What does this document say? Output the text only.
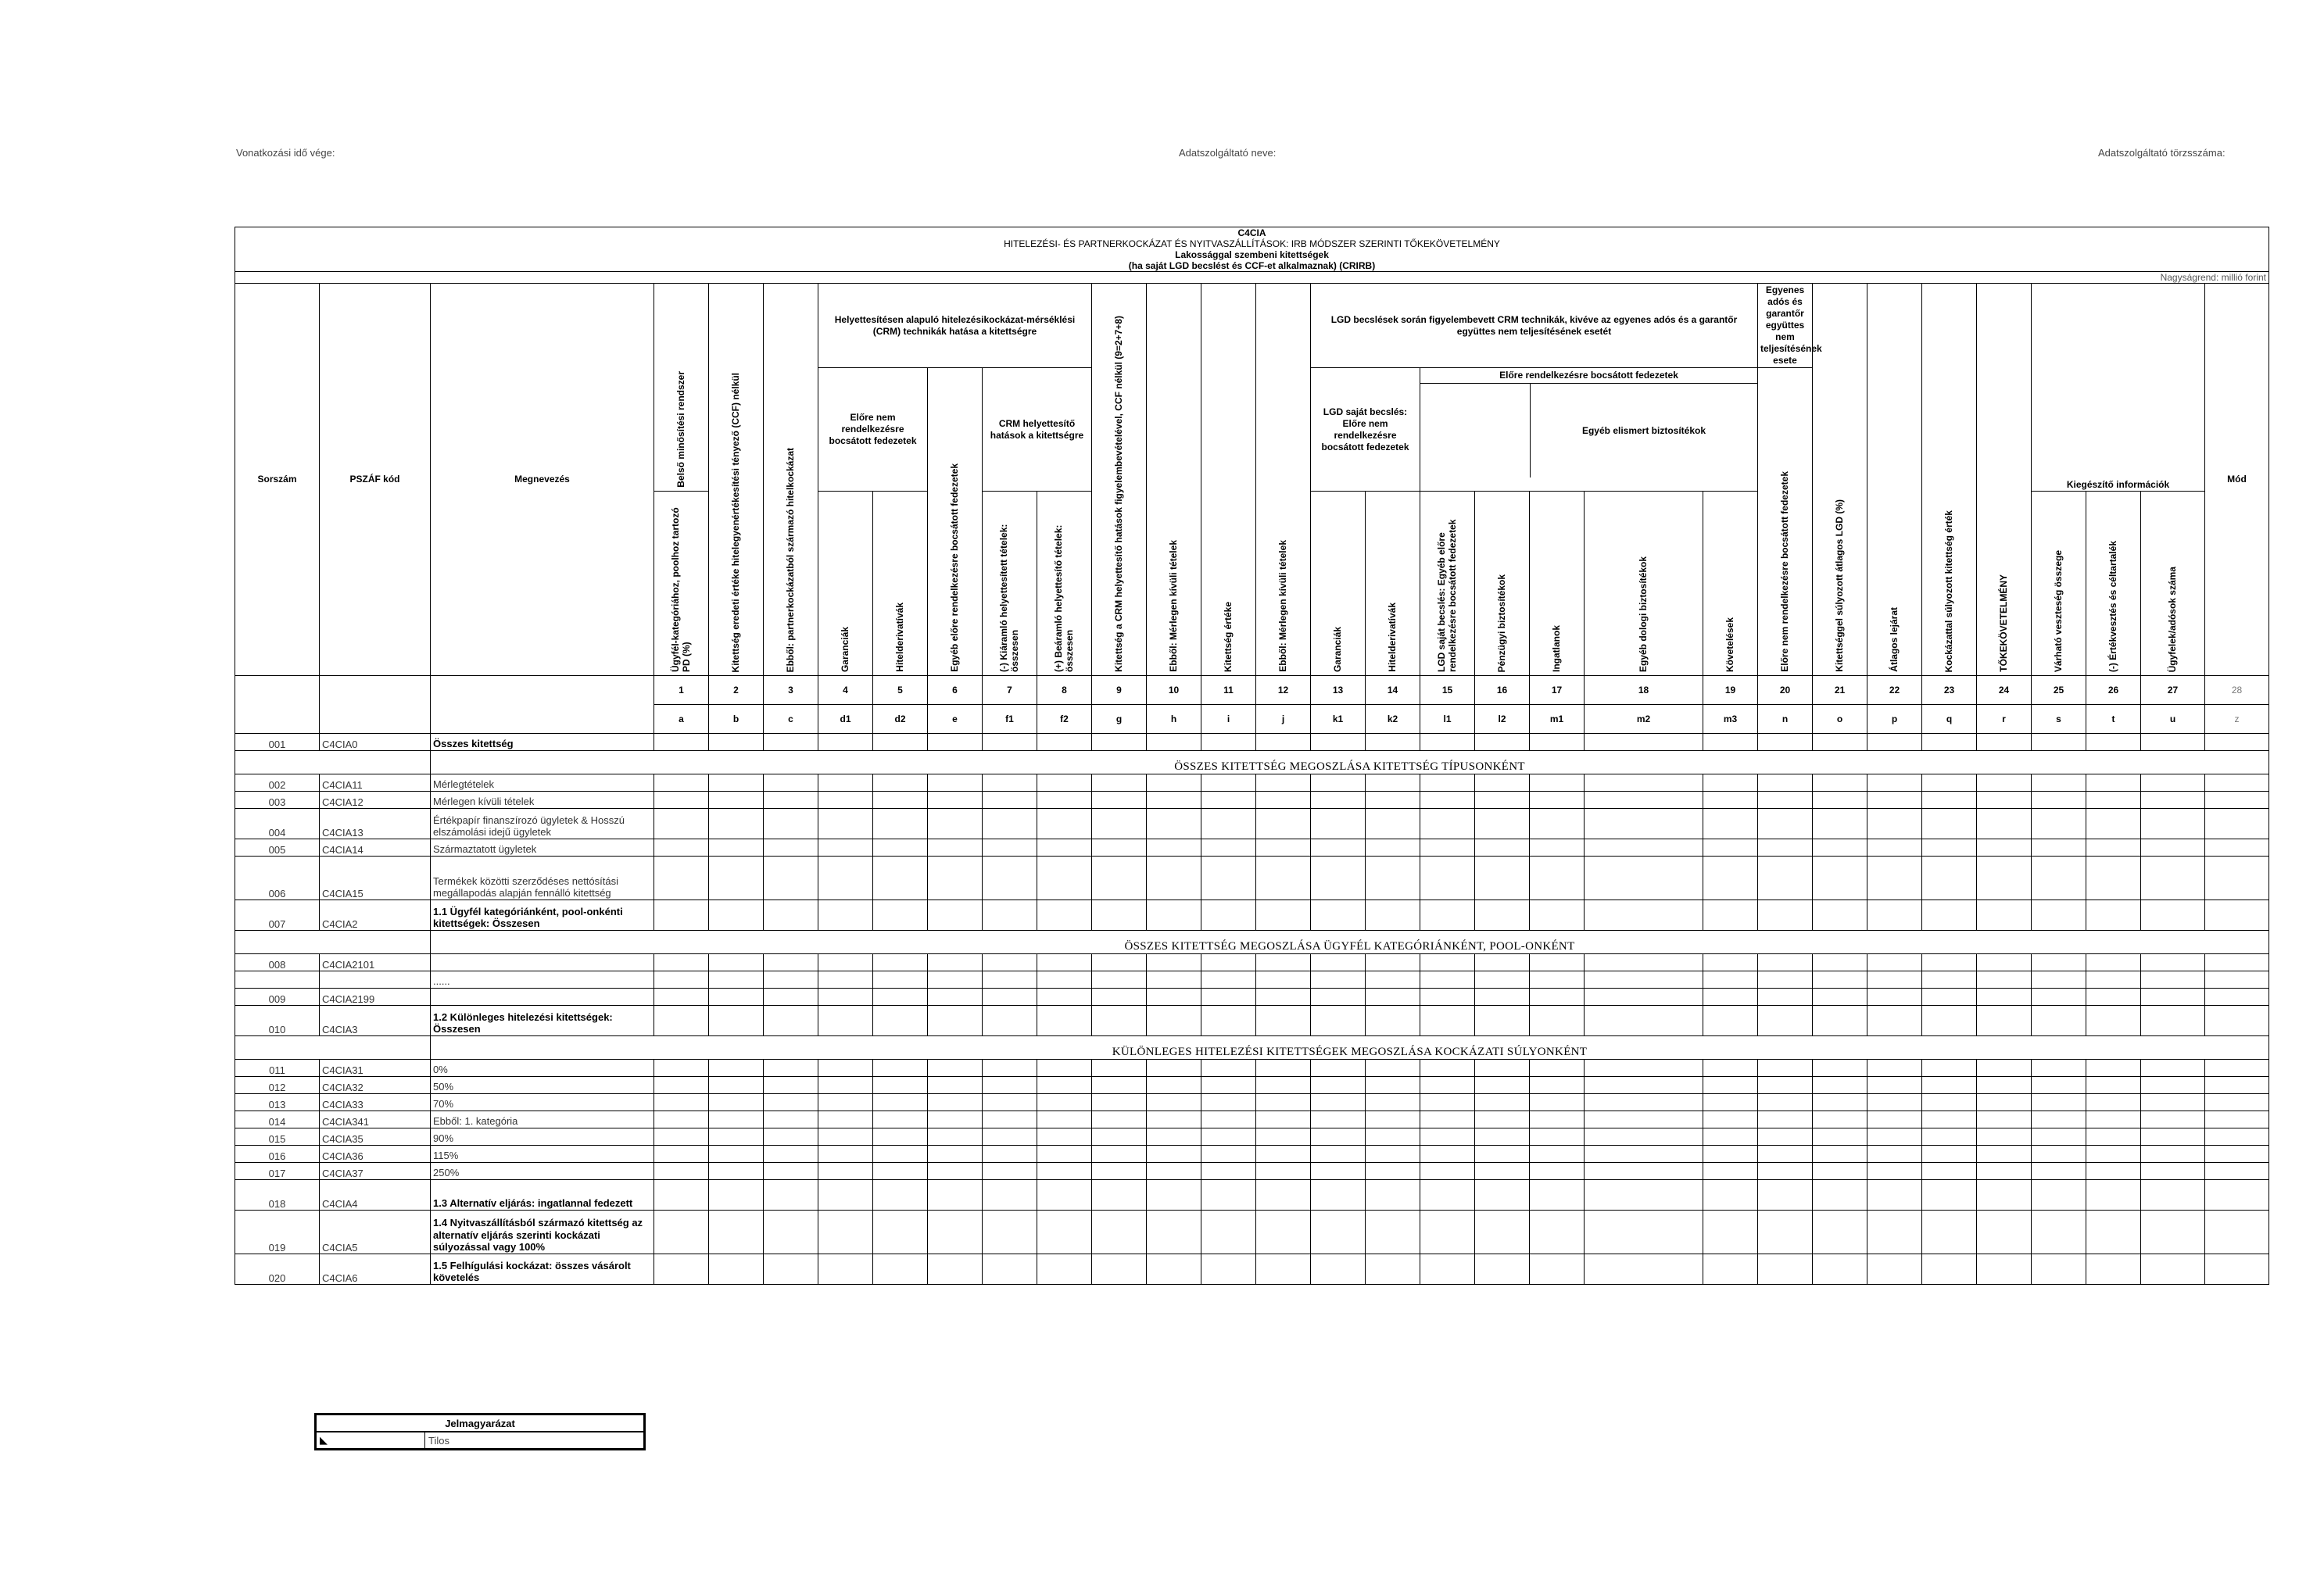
Vonatkozási idő vége:	Adatszolgáltató neve:	Adatszolgáltató törzsszáma:
C4CIA																														
HITELEZÉSI- ÉS PARTNERKOCKÁZAT ÉS NYITVASZÁLLÍTÁSOK: IRB MÓDSZER SZERINTI TŐKEKÖVETELMÉNY																														
Lakossággal szembeni kitettségek																														
(ha saját LGD becslést és CCF-et alkalmaznak) (CRIRB)																														
Nagyságrend: millió forint																														
Sorszám	PSZÁF kód	Megnevezés	Belső minősítési rendszer	Kitettség eredeti értéke hitelegyenértékesítési tényező (CCF) nélkül	Ebből: partnerkockázatból származó hitelkockázat	Helyettesítésen alapuló hitelezésikockázat-mérséklési (CRM) technikák hatása a kitettségre					Kitettség a CRM helyettesítő hatások figyelembevételével, CCF nélkül (9=2+7+8)	Ebből: Mérlegen kívüli tételek	Kitettség értéke	Ebből: Mérlegen kívüli tételek	LGD becslések során figyelembevett CRM technikák, kivéve az egyenes adós és a garantőr együttes nem teljesítésének esetét							Egyenes adós és garantőr együttes nem teljesítésének esete	Kitettséggel súlyozott átlagos LGD (%)	Átlagos lejárat	Kockázattal súlyozott kitettség érték	TŐKEKÖVETELMÉNY	Kiegészítő információk			Mód
						Előre nem rendelkezésre bocsátott fedezetek		Egyéb előre rendelkezésre bocsátott fedezetek	CRM helyettesítő hatások a kitettségre						LGD saját becslés: Előre nem rendelkezésre bocsátott fedezetek		Előre rendelkezésre bocsátott fedezetek
Egyéb elismert biztosítékok					Előre nem rendelkezésre bocsátott fedezetek								

			Ügyfél-kategóriához, poolhoz tartozó PD (%)			Garanciák	Hitelderivatívák		(-) Kiáramló helyettesített tételek: összesen	(+) Beáramló helyettesítő tételek: összesen					Garanciák	Hitelderivatívák	LGD saját becslés: Egyéb előre rendelkezésre bocsátott fedezetek	Pénzügyi biztosítékok	Ingatlanok	Egyéb dologi biztosítékok	Követelések						Várható veszteség összege	(-) Értékvesztés és céltartalék	Ügyfelek/adósok száma	

			1	2	3	4	5	6	7	8	9	10	11	12	13	14	15	16	17	18	19	20	21	22	23	24	25	26	27	28
			a	b	c	d1	d2	e	f1	f2	g	h	i	j	k1	k2	l1	l2	m1	m2	m3	n	o	p	q	r	s	t	u	z
001	C4CIA0	Összes kitettség																												
		ÖSSZES KITETTSÉG MEGOSZLÁSA KITETTSÉG TÍPUSONKÉNT																												
002	C4CIA11	Mérlegtételek																												
003	C4CIA12	Mérlegen kívüli tételek																												
004	C4CIA13	Értékpapír finanszírozó ügyletek & Hosszú elszámolási idejű ügyletek																												
005	C4CIA14	Származtatott ügyletek																												
006	C4CIA15	Termékek közötti szerződéses nettósítási megállapodás alapján fennálló kitettség																												
007	C4CIA2	1.1 Ügyfél kategóriánként, pool-onkénti kitettségek: Összesen																												
		ÖSSZES KITETTSÉG MEGOSZLÁSA ÜGYFÉL KATEGÓRIÁNKÉNT, POOL-ONKÉNT																												
008	C4CIA2101																													
		......																												
009	C4CIA2199																													
010	C4CIA3	1.2 Különleges hitelezési kitettségek: Összesen																												
		KÜLÖNLEGES HITELEZÉSI KITETTSÉGEK MEGOSZLÁSA KOCKÁZATI SÚLYONKÉNT																												
011	C4CIA31	0%																												
012	C4CIA32	50%																												
013	C4CIA33	70%																												
014	C4CIA341	Ebből: 1. kategória																												
015	C4CIA35	90%																												
016	C4CIA36	115%																												
017	C4CIA37	250%																												
018	C4CIA4	1.3 Alternatív eljárás: ingatlannal fedezett																												
019	C4CIA5	1.4 Nyitvaszállításból származó kitettség az alternatív eljárás szerinti kockázati súlyozással vagy 100%																												
020	C4CIA6	1.5 Felhígulási kockázat: összes vásárolt követelés																												
Jelmagyarázat
◣	Tilos
